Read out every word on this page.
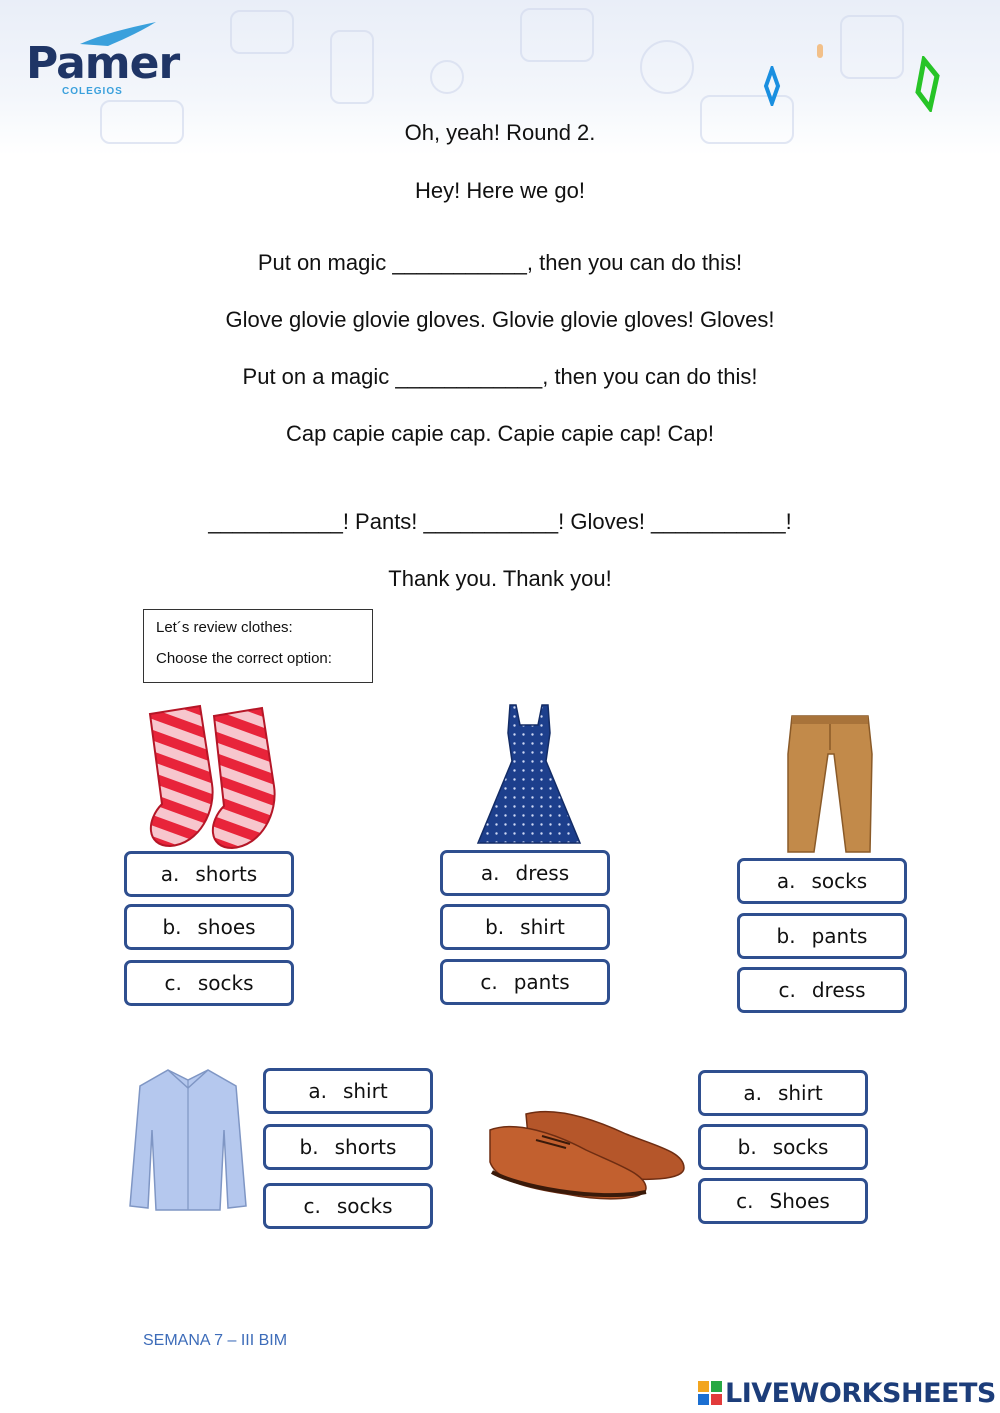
Pamer
COLEGIOS
Oh, yeah! Round 2.
Hey! Here we go!
Put on magic ___________, then you can do this!
Glove glovie glovie gloves. Glovie glovie gloves! Gloves!
Put on a magic ____________, then you can do this!
Cap capie capie cap. Capie capie cap! Cap!
___________! Pants! ___________! Gloves! ___________!
Thank you. Thank you!
Let´s review clothes:
Choose the correct option:
a. shorts
b. shoes
c. socks
a. dress
b. shirt
c. pants
a. socks
b. pants
c. dress
a. shirt
b. shorts
c. socks
a. shirt
b. socks
c. Shoes
SEMANA 7 – III BIM
LIVEWORKSHEETS
